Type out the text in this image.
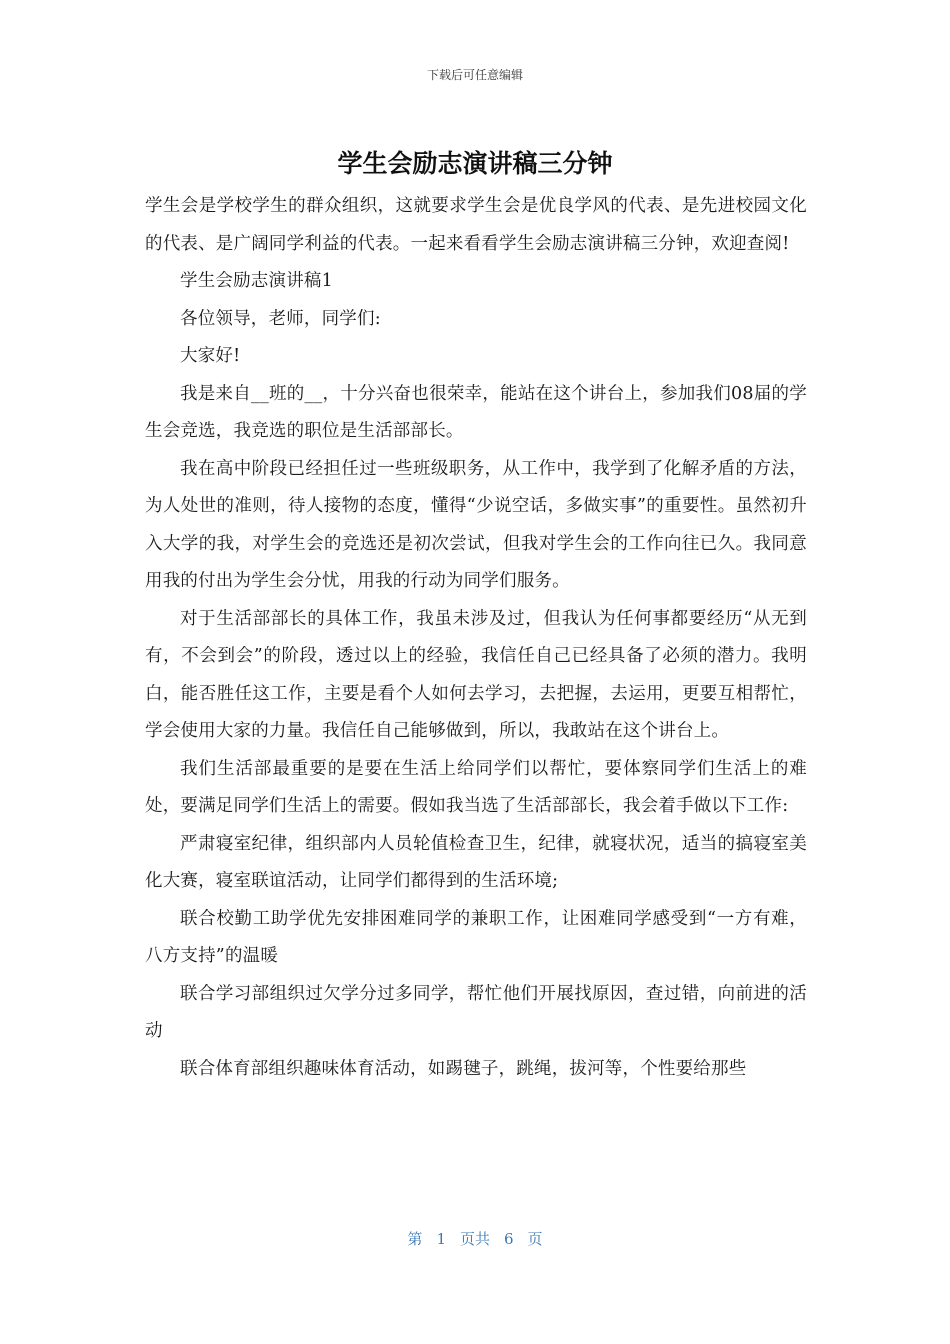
下载后可任意编辑
学生会励志演讲稿三分钟

学生会是学校学生的群众组织，这就要求学生会是优良学风的代表、是先进校园文化的代表、是广阔同学利益的代表。一起来看看学生会励志演讲稿三分钟，欢迎查阅!

学生会励志演讲稿1

各位领导，老师，同学们:

大家好!

我是来自__班的__，十分兴奋也很荣幸，能站在这个讲台上，参加我们08届的学生会竞选，我竞选的职位是生活部部长。

我在高中阶段已经担任过一些班级职务，从工作中，我学到了化解矛盾的方法，为人处世的准则，待人接物的态度，懂得“少说空话，多做实事”的重要性。虽然初升入大学的我，对学生会的竞选还是初次尝试，但我对学生会的工作向往已久。我同意用我的付出为学生会分忧，用我的行动为同学们服务。

对于生活部部长的具体工作，我虽未涉及过，但我认为任何事都要经历“从无到有，不会到会”的阶段，透过以上的经验，我信任自己已经具备了必须的潜力。我明白，能否胜任这工作，主要是看个人如何去学习，去把握，去运用，更要互相帮忙，学会使用大家的力量。我信任自己能够做到，所以，我敢站在这个讲台上。

我们生活部最重要的是要在生活上给同学们以帮忙，要体察同学们生活上的难处，要满足同学们生活上的需要。假如我当选了生活部部长，我会着手做以下工作:

严肃寝室纪律，组织部内人员轮值检查卫生，纪律，就寝状况，适当的搞寝室美化大赛，寝室联谊活动，让同学们都得到的生活环境;

联合校勤工助学优先安排困难同学的兼职工作，让困难同学感受到“一方有难，八方支持”的温暖

联合学习部组织过欠学分过多同学，帮忙他们开展找原因，查过错，向前进的活动

联合体育部组织趣味体育活动，如踢毽子，跳绳，拔河等，个性要给那些

第 1 页共 6 页
